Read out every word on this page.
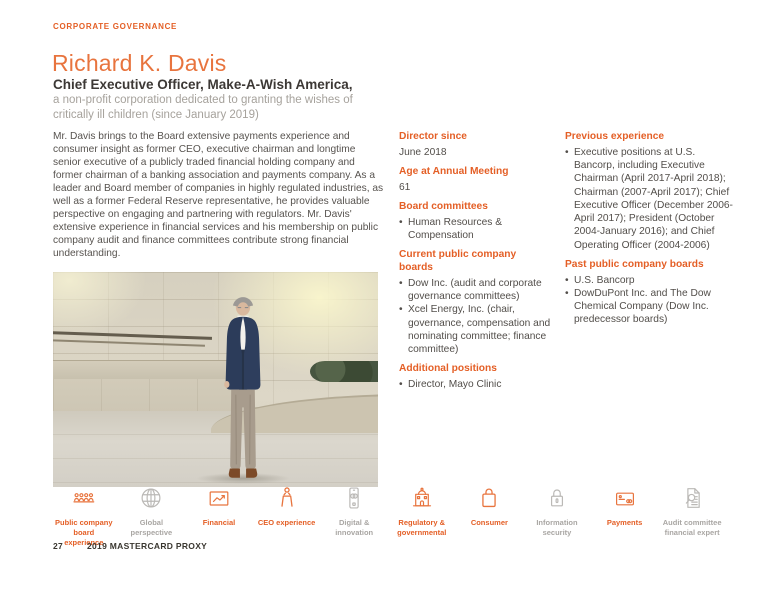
CORPORATE GOVERNANCE
Richard K. Davis
Chief Executive Officer, Make-A-Wish America,
a non-profit corporation dedicated to granting the wishes of critically ill children (since January 2019)
Mr. Davis brings to the Board extensive payments experience and consumer insight as former CEO, executive chairman and longtime senior executive of a publicly traded financial holding company and former chairman of a banking association and payments company. As a leader and Board member of companies in highly regulated industries, as well as a former Federal Reserve representative, he provides valuable perspective on engaging and partnering with regulators. Mr. Davis' extensive experience in financial services and his membership on public company audit and finance committees contribute strong financial understanding.
Director since
June 2018
Age at Annual Meeting
61
Board committees
• Human Resources & Compensation
Current public company boards
• Dow Inc. (audit and corporate governance committees)
• Xcel Energy, Inc. (chair, governance, compensation and nominating committee; finance committee)
Additional positions
• Director, Mayo Clinic
Previous experience
• Executive positions at U.S. Bancorp, including Executive Chairman (April 2017-April 2018); Chairman (2007-April 2017); Chief Executive Officer (December 2006-April 2017); President (October 2004-January 2016); and Chief Operating Officer (2004-2006)
Past public company boards
• U.S. Bancorp
• DowDuPont Inc. and The Dow Chemical Company (Dow Inc. predecessor boards)
Public company board experience
Global perspective
Financial	CEO experience	Digital & innovation
Regulatory & governmental
Consumer	Information security
Payments	Audit committee financial expert
27	2019 MASTERCARD PROXY
